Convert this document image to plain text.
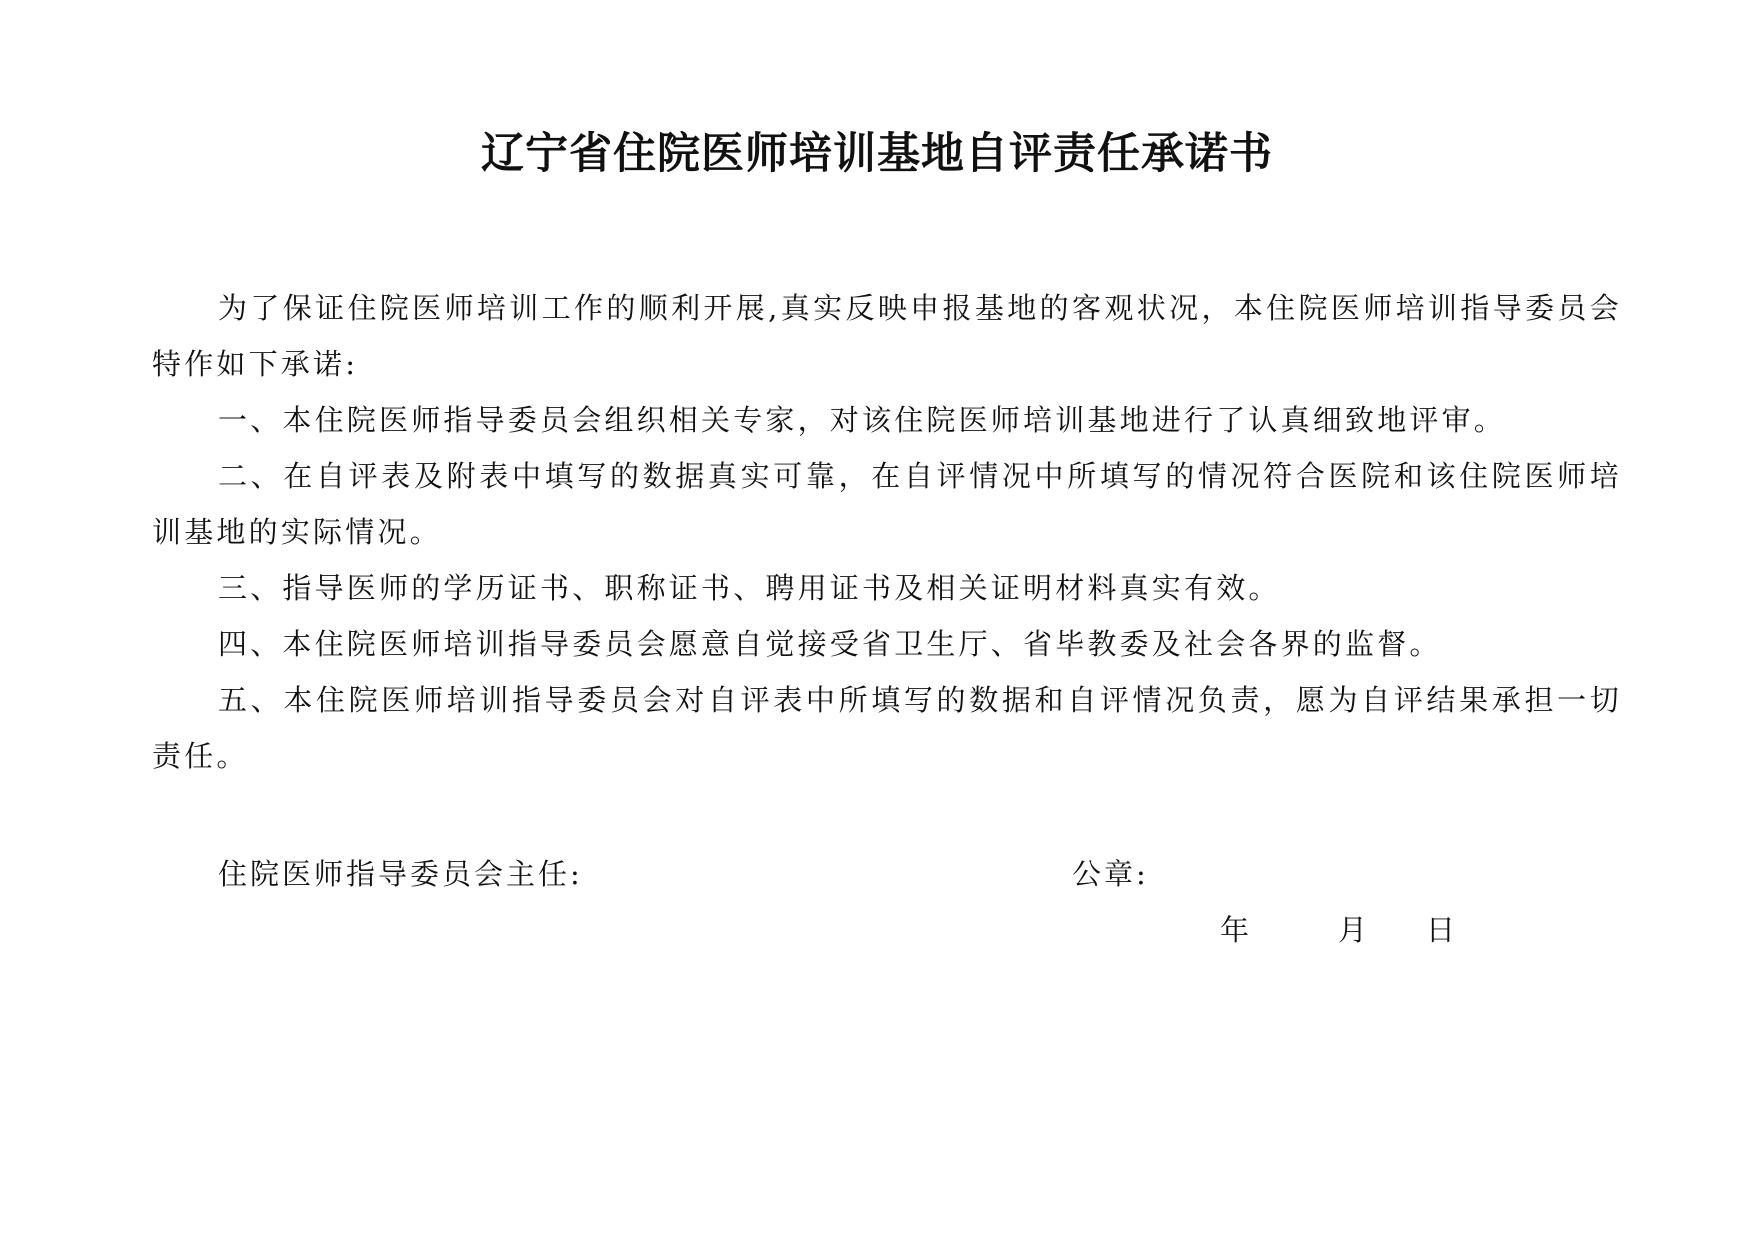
辽宁省住院医师培训基地自评责任承诺书

为了保证住院医师培训工作的顺利开展,真实反映申报基地的客观状况，本住院医师培训指导委员会特作如下承诺:

一、本住院医师指导委员会组织相关专家，对该住院医师培训基地进行了认真细致地评审。

二、在自评表及附表中填写的数据真实可靠，在自评情况中所填写的情况符合医院和该住院医师培训基地的实际情况。

三、指导医师的学历证书、职称证书、聘用证书及相关证明材料真实有效。

四、本住院医师培训指导委员会愿意自觉接受省卫生厅、省毕教委及社会各界的监督。

五、本住院医师培训指导委员会对自评表中所填写的数据和自评情况负责，愿为自评结果承担一切责任。

住院医师指导委员会主任:	公章:
年	月 日
